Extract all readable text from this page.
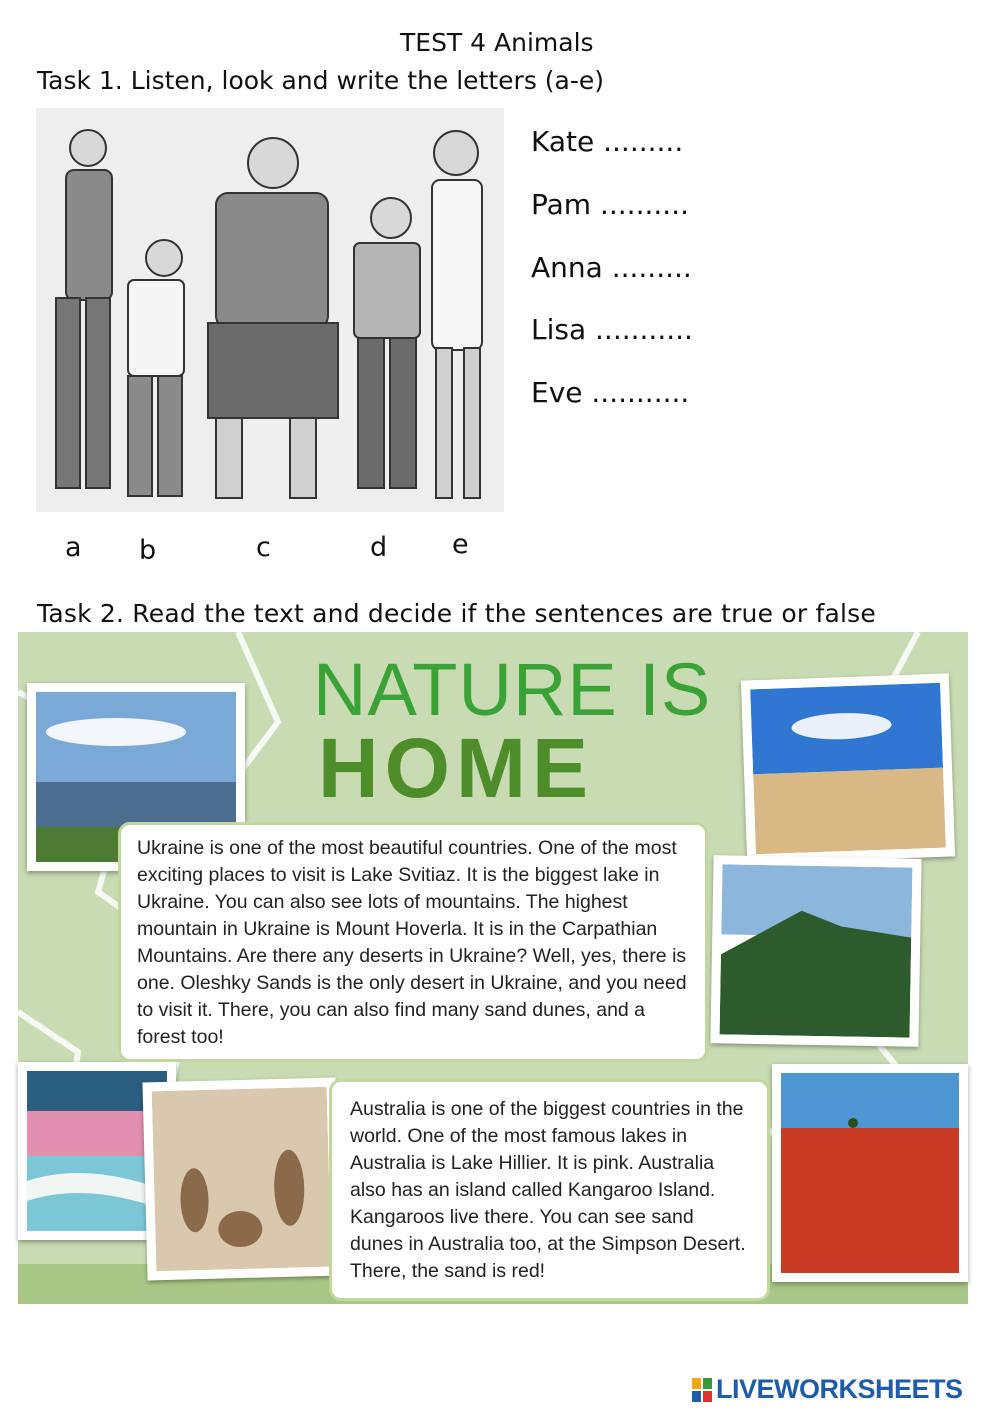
TEST 4 Animals
Task 1. Listen, look and write the letters (a-e)
Kate .........
Pam ..........
Anna .........
Lisa ...........
Eve ...........
a b	c	d e
Task 2. Read the text and decide if the sentences are true or false
NATURE IS
HOME
Ukraine is one of the most beautiful countries. One of the most exciting places to visit is Lake Svitiaz. It is the biggest lake in Ukraine. You can also see lots of mountains. The highest mountain in Ukraine is Mount Hoverla. It is in the Carpathian Mountains. Are there any deserts in Ukraine? Well, yes, there is one. Oleshky Sands is the only desert in Ukraine, and you need to visit it. There, you can also find many sand dunes, and a forest too!
Australia is one of the biggest countries in the world. One of the most famous lakes in Australia is Lake Hillier. It is pink. Australia also has an island called Kangaroo Island. Kangaroos live there. You can see sand dunes in Australia too, at the Simpson Desert. There, the sand is red!
LIVEWORKSHEETS
